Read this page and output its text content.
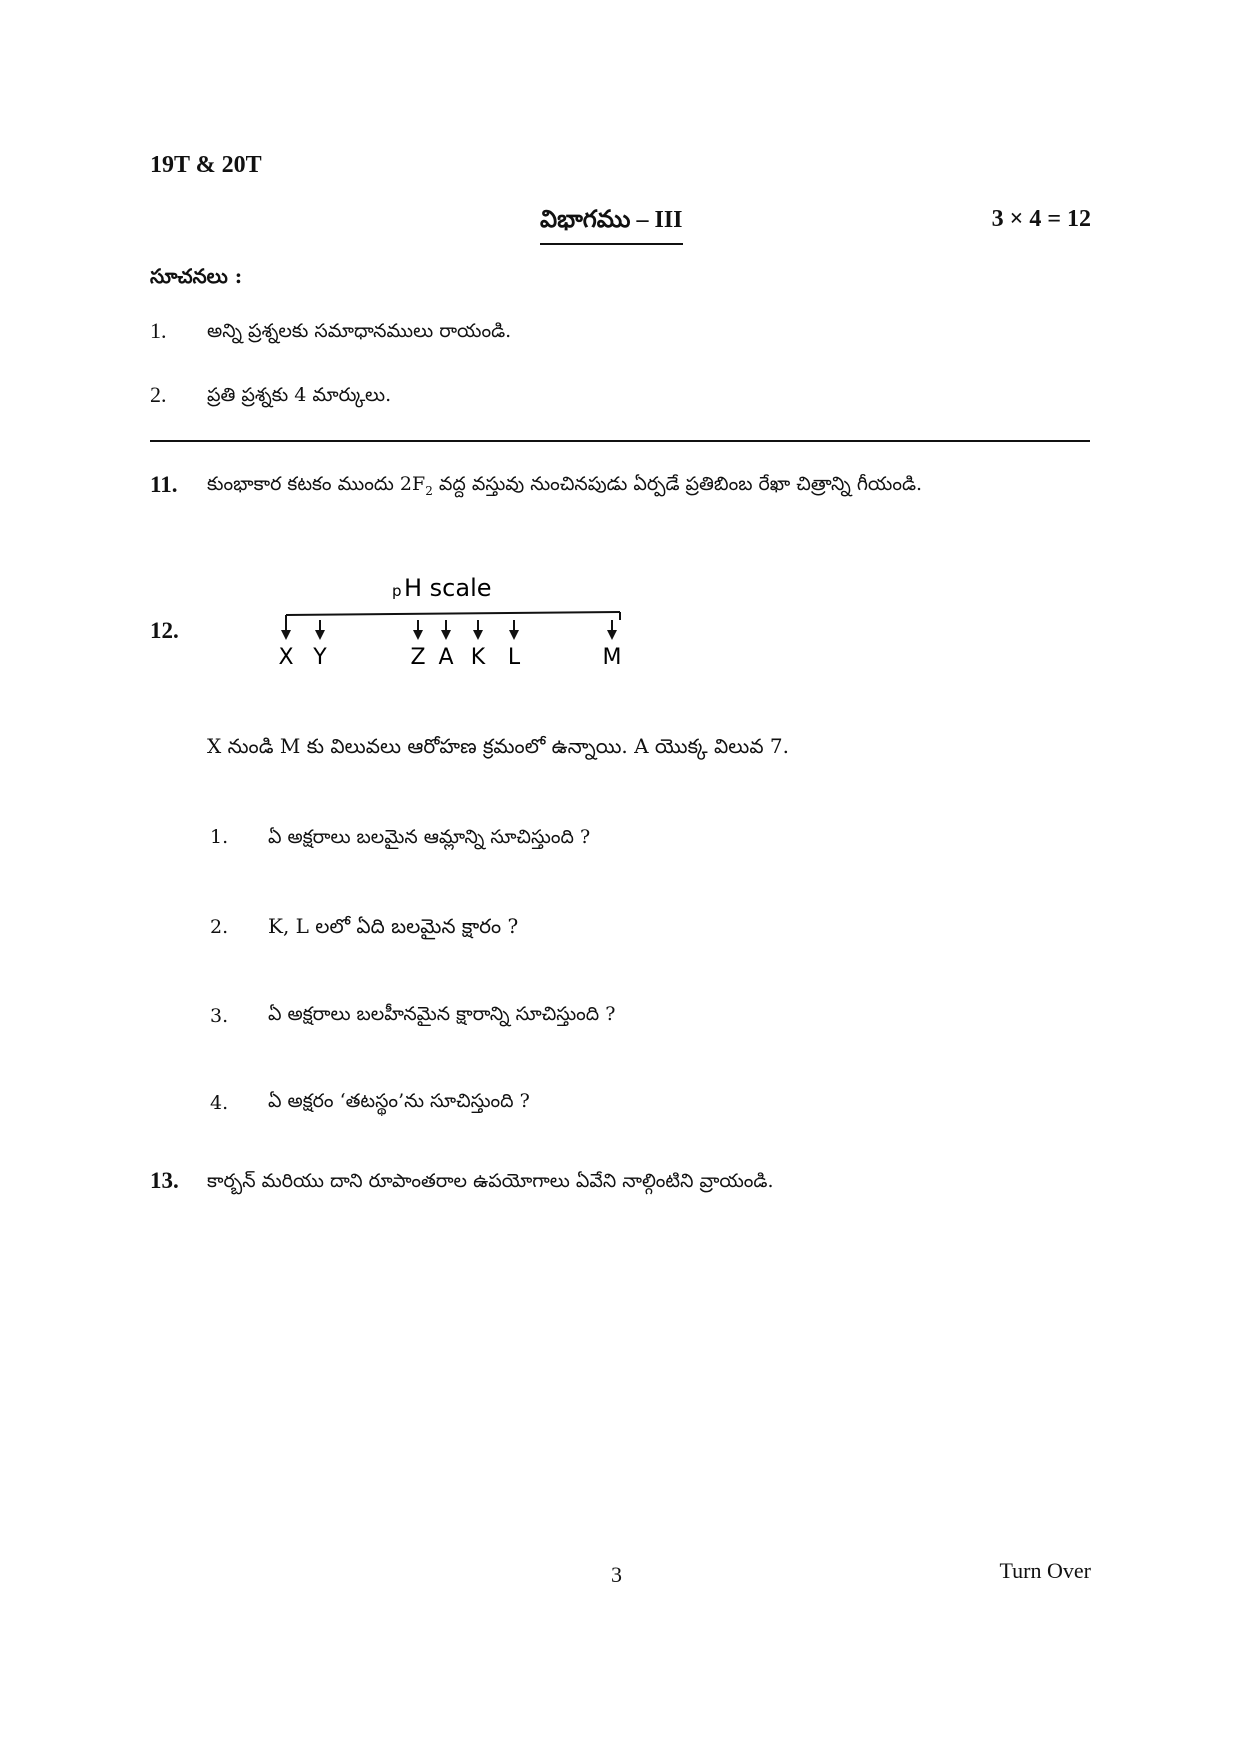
19T & 20T
విభాగము – III	3 × 4 = 12
సూచనలు :
1. అన్ని ప్రశ్నలకు సమాధానములు రాయండి.
2. ప్రతి ప్రశ్నకు 4 మార్కులు.
11. కుంభాకార కటకం ముందు $2F_2$ వద్ద వస్తువు నుంచినపుడు ఏర్పడే ప్రతిబింబ రేఖా చిత్రాన్ని గీయండి.
12.
p H scale
X Y	Z A K L	M
X నుండి M కు విలువలు ఆరోహణ క్రమంలో ఉన్నాయి. A యొక్క విలువ 7.
1. ఏ అక్షరాలు బలమైన ఆమ్లాన్ని సూచిస్తుంది ?
2. K, L లలో ఏది బలమైన క్షారం ?
3. ఏ అక్షరాలు బలహీనమైన క్షారాన్ని సూచిస్తుంది ?
4. ఏ అక్షరం ‘తటస్థం’ను సూచిస్తుంది ?
13. కార్బన్ మరియు దాని రూపాంతరాల ఉపయోగాలు ఏవేని నాల్గింటిని వ్రాయండి.
3	Turn Over
